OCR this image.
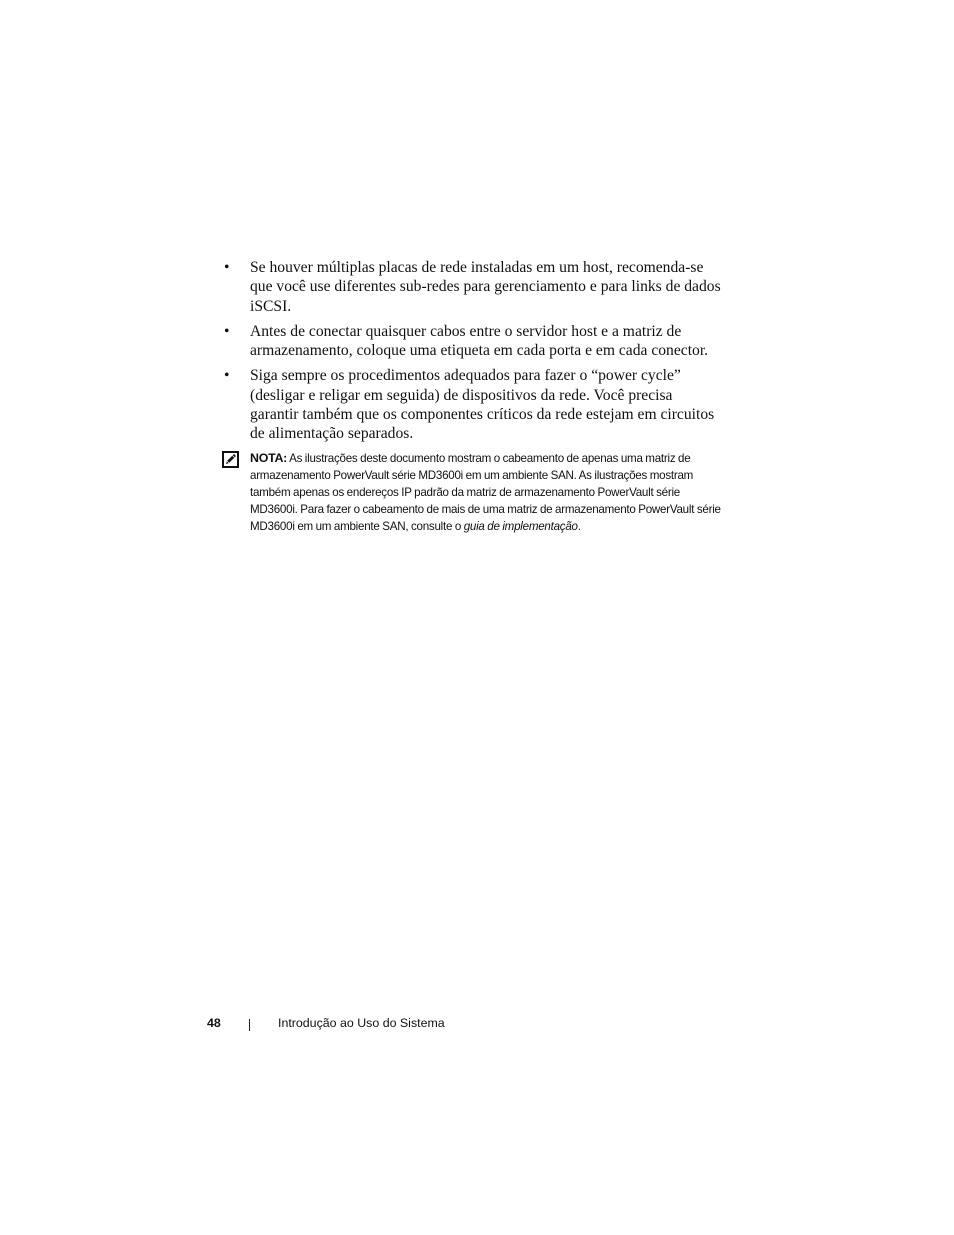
• Se houver múltiplas placas de rede instaladas em um host, recomenda-se que você use diferentes sub-redes para gerenciamento e para links de dados iSCSI.
• Antes de conectar quaisquer cabos entre o servidor host e a matriz de armazenamento, coloque uma etiqueta em cada porta e em cada conector.
• Siga sempre os procedimentos adequados para fazer o “power cycle” (desligar e religar em seguida) de dispositivos da rede. Você precisa garantir também que os componentes críticos da rede estejam em circuitos de alimentação separados.
NOTA: As ilustrações deste documento mostram o cabeamento de apenas uma matriz de armazenamento PowerVault série MD3600i em um ambiente SAN. As ilustrações mostram também apenas os endereços IP padrão da matriz de armazenamento PowerVault série MD3600i. Para fazer o cabeamento de mais de uma matriz de armazenamento PowerVault série MD3600i em um ambiente SAN, consulte o guia de implementação.
48	Introdução ao Uso do Sistema
